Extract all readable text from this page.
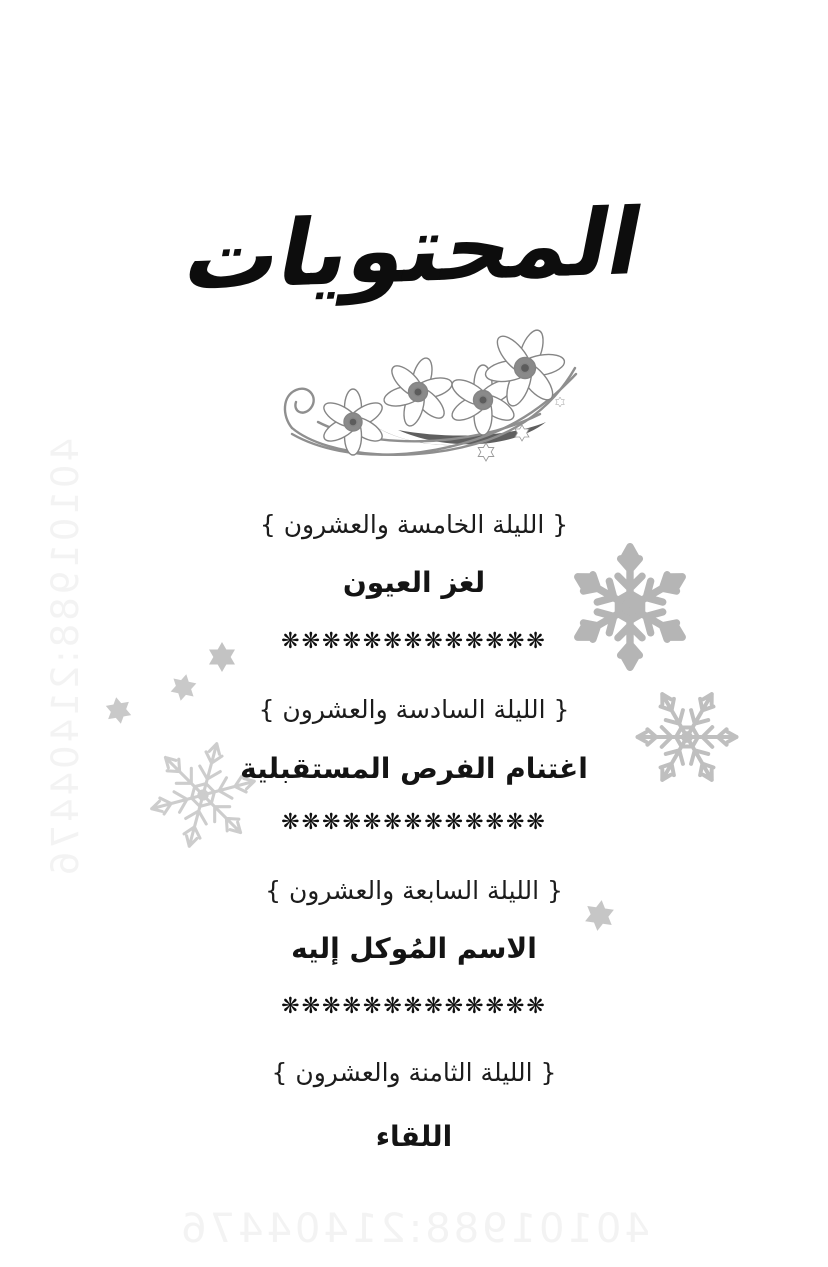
40101988:21404476
المحتويات
{ الليلة الخامسة والعشرون }
لغز العيون
❋❋❋❋❋❋❋❋❋❋❋❋❋
{ الليلة السادسة والعشرون }
اغتنام الفرص المستقبلية
❋❋❋❋❋❋❋❋❋❋❋❋❋
{ الليلة السابعة والعشرون }
الاسم المُوكل إليه
❋❋❋❋❋❋❋❋❋❋❋❋❋
{ الليلة الثامنة والعشرون }
اللقاء
40101988:21404476
